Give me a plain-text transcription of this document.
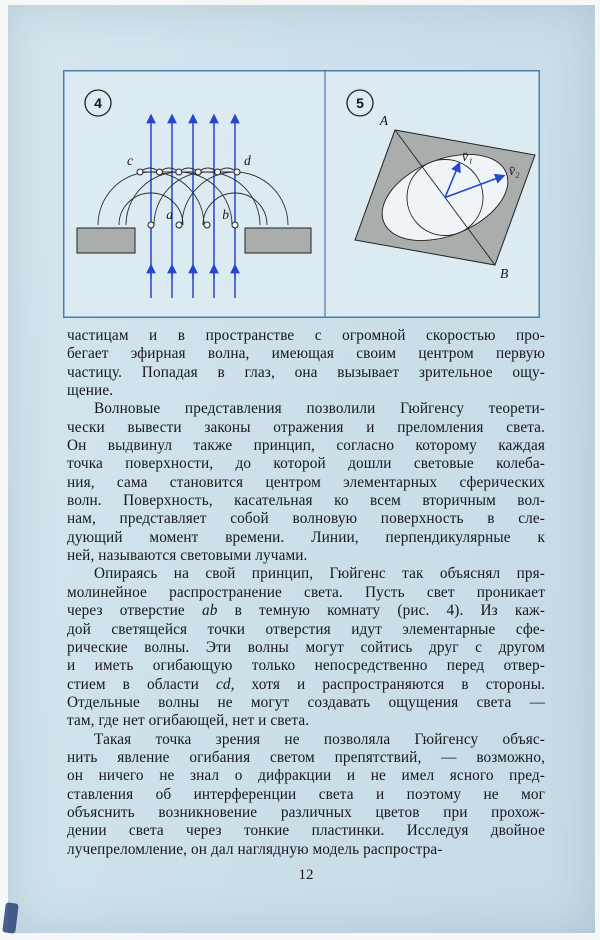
4
c	d
a	b
5
v̄₁
v̄₂
A
B
частицам и в пространстве с огромной скоростью про-
бегает эфирная волна, имеющая своим центром первую
частицу. Попадая в глаз, она вызывает зрительное ощу-
щение.
Волновые представления позволили Гюйгенсу теорети-
чески вывести законы отражения и преломления света.
Он выдвинул также принцип, согласно которому каждая
точка поверхности, до которой дошли световые колеба-
ния, сама становится центром элементарных сферических
волн. Поверхность, касательная ко всем вторичным вол-
нам, представляет собой волновую поверхность в сле-
дующий момент времени. Линии, перпендикулярные к
ней, называются световыми лучами.
Опираясь на свой принцип, Гюйгенс так объяснял пря-
молинейное распространение света. Пусть свет проникает
через отверстие ab в темную комнату (рис. 4). Из каж-
дой светящейся точки отверстия идут элементарные сфе-
рические волны. Эти волны могут сойтись друг с другом
и иметь огибающую только непосредственно перед отвер-
стием в области cd, хотя и распространяются в стороны.
Отдельные волны не могут создавать ощущения света —
там, где нет огибающей, нет и света.
Такая точка зрения не позволяла Гюйгенсу объяс-
нить явление огибания светом препятствий, — возможно,
он ничего не знал о дифракции и не имел ясного пред-
ставления об интерференции света и поэтому не мог
объяснить возникновение различных цветов при прохож-
дении света через тонкие пластинки. Исследуя двойное
лучепреломление, он дал наглядную модель распростра-
12
